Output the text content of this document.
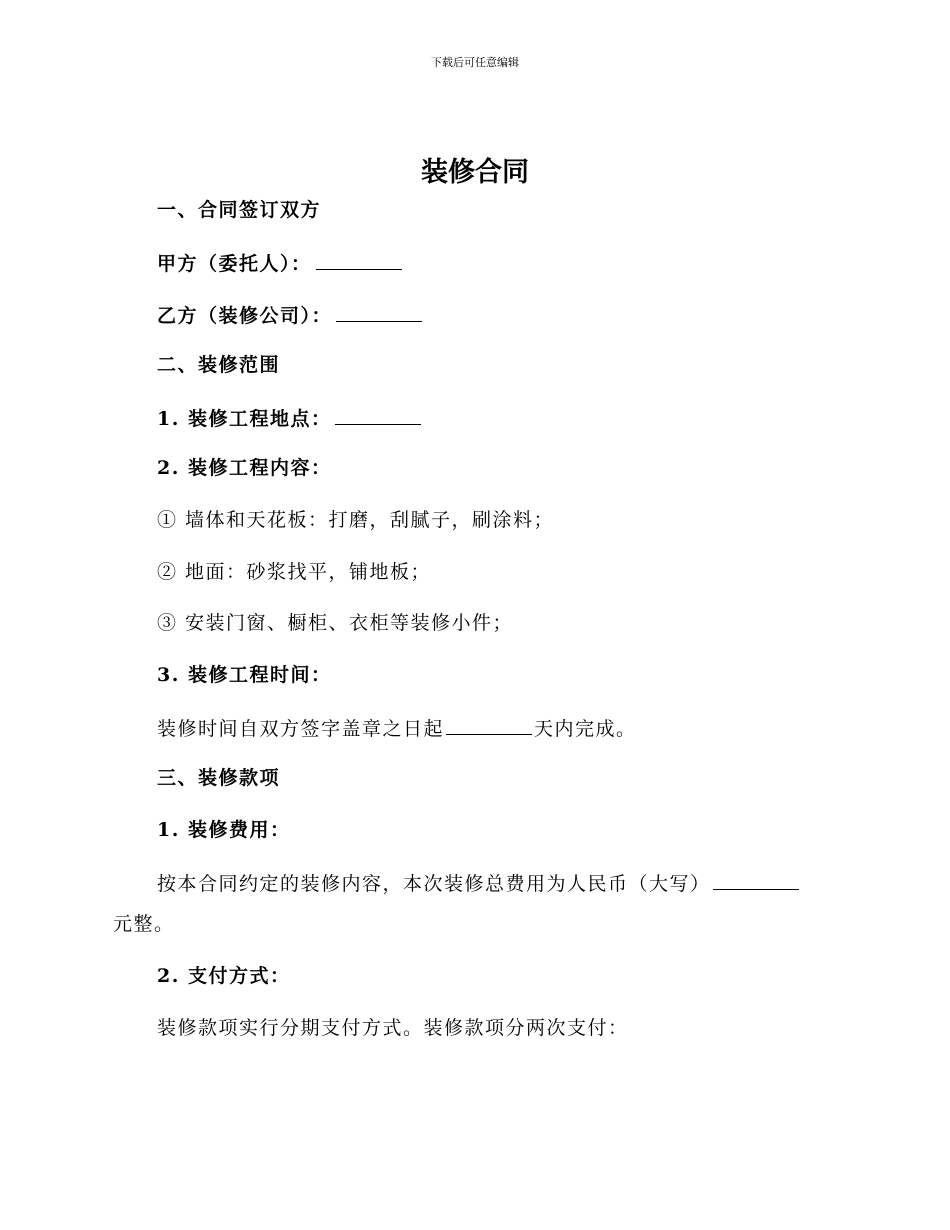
下载后可任意编辑
装修合同
一、合同签订双方
甲方（委托人）：
乙方（装修公司）：
二、装修范围
1. 装修工程地点：
2. 装修工程内容：
① 墙体和天花板：打磨，刮腻子，刷涂料；
② 地面：砂浆找平，铺地板；
③ 安装门窗、橱柜、衣柜等装修小件；
3. 装修工程时间：
装修时间自双方签字盖章之日起	天内完成。
三、装修款项
1. 装修费用：
按本合同约定的装修内容，本次装修总费用为人民币（大写）
元整。
2. 支付方式：
装修款项实行分期支付方式。装修款项分两次支付：
